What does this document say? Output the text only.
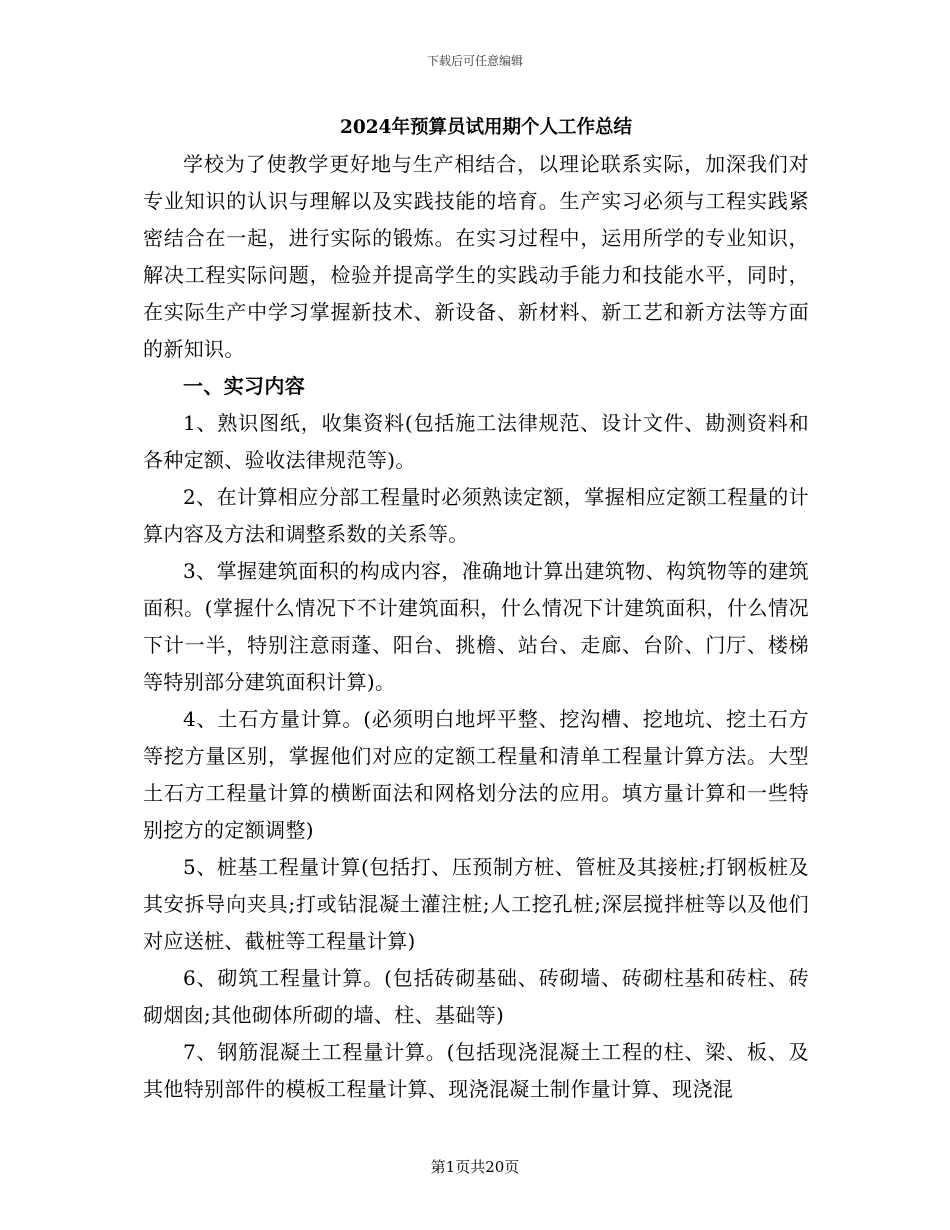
下载后可任意编辑
2024年预算员试用期个人工作总结

学校为了使教学更好地与生产相结合，以理论联系实际，加深我们对专业知识的认识与理解以及实践技能的培育。生产实习必须与工程实践紧密结合在一起，进行实际的锻炼。在实习过程中，运用所学的专业知识，解决工程实际问题，检验并提高学生的实践动手能力和技能水平，同时，在实际生产中学习掌握新技术、新设备、新材料、新工艺和新方法等方面的新知识。

一、实习内容

1、熟识图纸，收集资料(包括施工法律规范、设计文件、勘测资料和各种定额、验收法律规范等)。

2、在计算相应分部工程量时必须熟读定额，掌握相应定额工程量的计算内容及方法和调整系数的关系等。

3、掌握建筑面积的构成内容，准确地计算出建筑物、构筑物等的建筑面积。(掌握什么情况下不计建筑面积，什么情况下计建筑面积，什么情况下计一半，特别注意雨蓬、阳台、挑檐、站台、走廊、台阶、门厅、楼梯等特别部分建筑面积计算)。

4、土石方量计算。(必须明白地坪平整、挖沟槽、挖地坑、挖土石方等挖方量区别，掌握他们对应的定额工程量和清单工程量计算方法。大型土石方工程量计算的横断面法和网格划分法的应用。填方量计算和一些特别挖方的定额调整)

5、桩基工程量计算(包括打、压预制方桩、管桩及其接桩;打钢板桩及其安拆导向夹具;打或钻混凝土灌注桩;人工挖孔桩;深层搅拌桩等以及他们对应送桩、截桩等工程量计算)

6、砌筑工程量计算。(包括砖砌基础、砖砌墙、砖砌柱基和砖柱、砖砌烟囱;其他砌体所砌的墙、柱、基础等)

7、钢筋混凝土工程量计算。(包括现浇混凝土工程的柱、梁、板、及其他特别部件的模板工程量计算、现浇混凝土制作量计算、现浇混

第1页共20页
